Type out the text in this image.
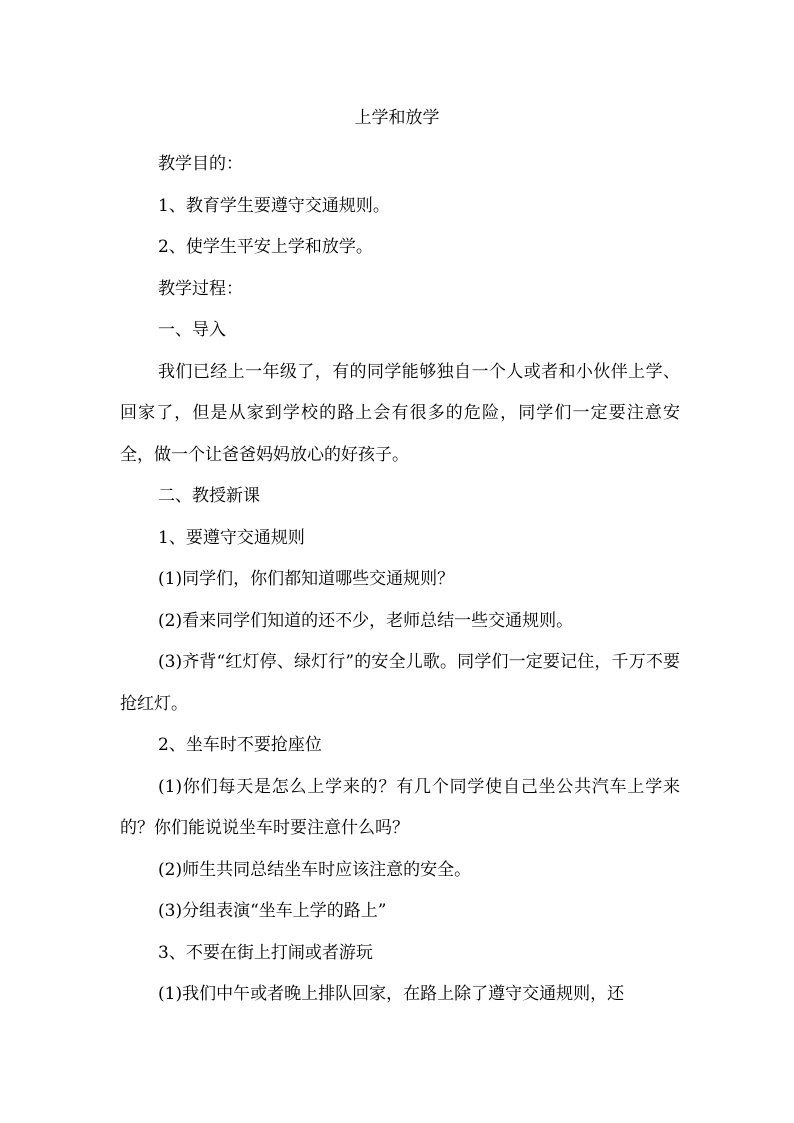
上学和放学

教学目的：

1、教育学生要遵守交通规则。

2、使学生平安上学和放学。

教学过程：

一、导入

我们已经上一年级了，有的同学能够独自一个人或者和小伙伴上学、回家了，但是从家到学校的路上会有很多的危险，同学们一定要注意安全，做一个让爸爸妈妈放心的好孩子。

二、教授新课

1、要遵守交通规则

(1)同学们，你们都知道哪些交通规则？

(2)看来同学们知道的还不少，老师总结一些交通规则。

(3)齐背“红灯停、绿灯行”的安全儿歌。同学们一定要记住，千万不要抢红灯。

2、坐车时不要抢座位

(1)你们每天是怎么上学来的？有几个同学使自己坐公共汽车上学来的？你们能说说坐车时要注意什么吗？

(2)师生共同总结坐车时应该注意的安全。

(3)分组表演“坐车上学的路上”

3、不要在街上打闹或者游玩

(1)我们中午或者晚上排队回家，在路上除了遵守交通规则，还
